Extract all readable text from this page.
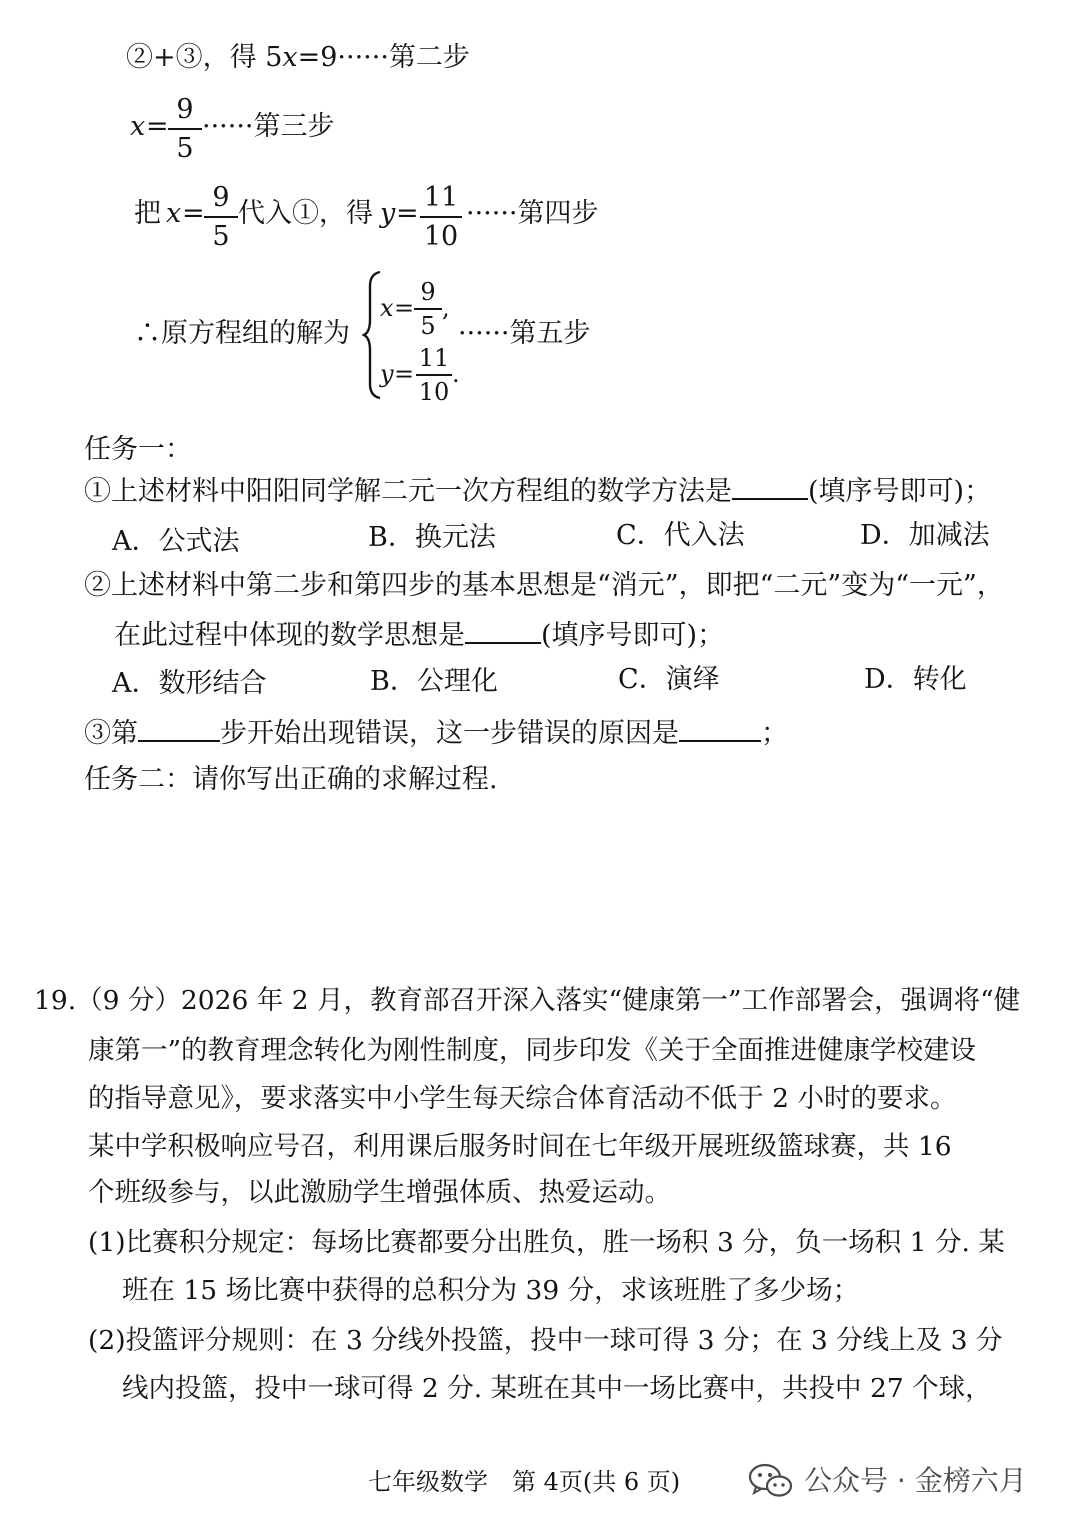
②+③，得 5x=9······第二步
x =
9
5
······第三步
把 x =
9
5
代入①，得 y =
11
10
······第四步
∴原方程组的解为
x =
9
5
,
y =
11
10
.
······第五步
任务一：
①上述材料中阳阳同学解二元一次方程组的数学方法是	(填序号即可)；
A．公式法	B．换元法	C．代入法	D．加减法
②上述材料中第二步和第四步的基本思想是“消元”，即把“二元”变为“一元”，
在此过程中体现的数学思想是	(填序号即可)；
A．数形结合	B．公理化	C．演绎	D．转化
③第	步开始出现错误，这一步错误的原因是	；
任务二：请你写出正确的求解过程.
19.（9 分）2026 年 2 月，教育部召开深入落实“健康第一”工作部署会，强调将“健
康第一”的教育理念转化为刚性制度，同步印发《关于全面推进健康学校建设
的指导意见》，要求落实中小学生每天综合体育活动不低于 2 小时的要求。
某中学积极响应号召，利用课后服务时间在七年级开展班级篮球赛，共 16
个班级参与，以此激励学生增强体质、热爱运动。
(1)比赛积分规定：每场比赛都要分出胜负，胜一场积 3 分，负一场积 1 分. 某
班在 15 场比赛中获得的总积分为 39 分，求该班胜了多少场；
(2)投篮评分规则：在 3 分线外投篮，投中一球可得 3 分；在 3 分线上及 3 分
线内投篮，投中一球可得 2 分. 某班在其中一场比赛中，共投中 27 个球，
七年级数学　第 4页(共 6 页)	公众号 · 金榜六月
